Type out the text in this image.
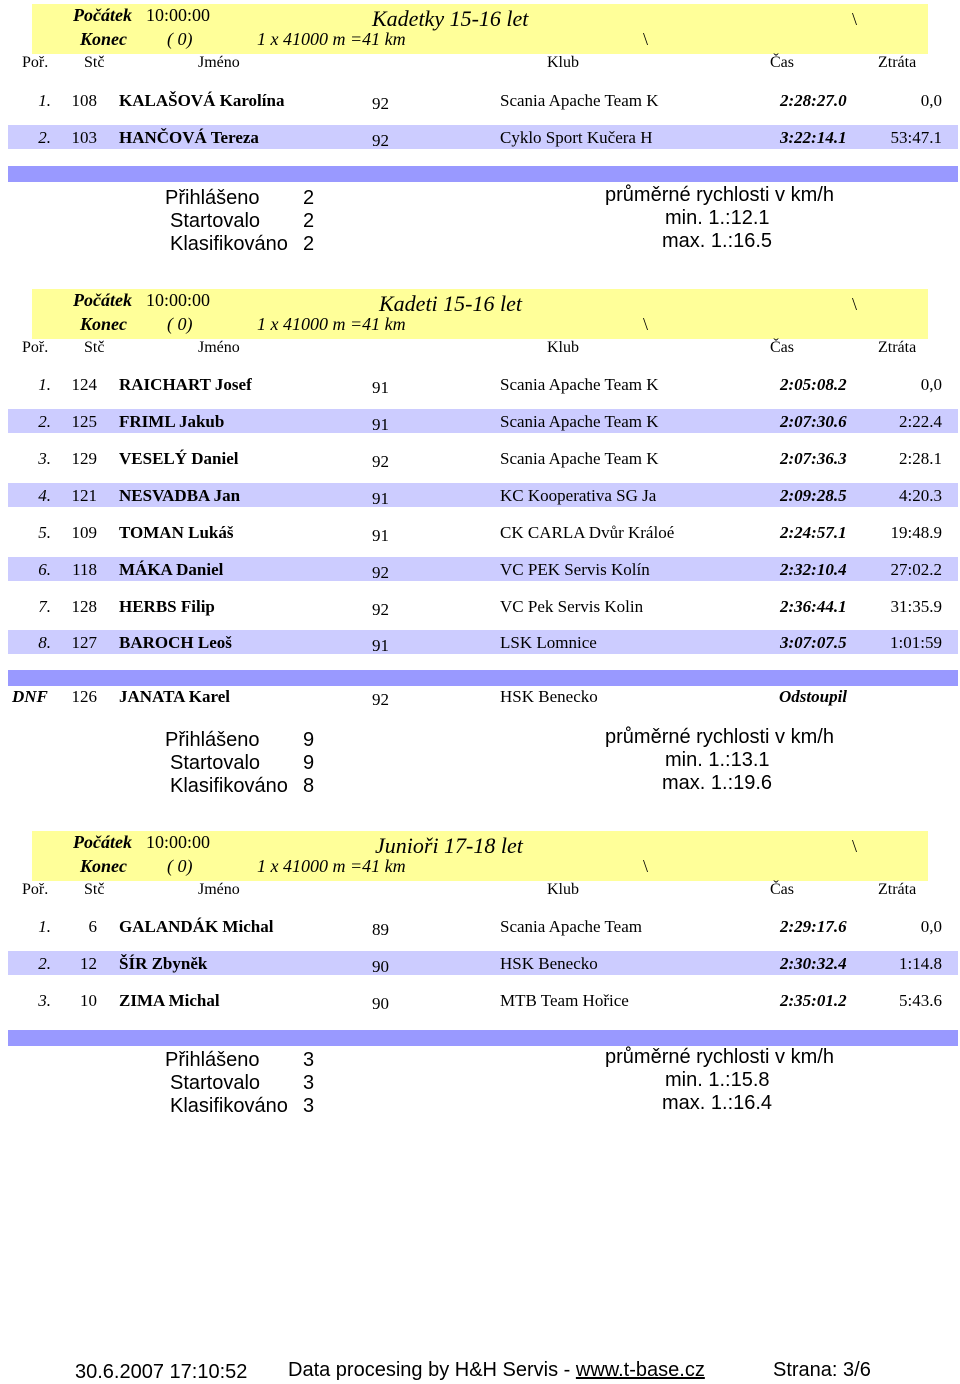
Počátek 10:00:00	Kadetky 15-16 let	\
Konec ( 0)	1 x 41000 m =41 km	\
Poř. Stč	Jméno	Klub	Čas	Ztráta
1.	108 KALAŠOVÁ Karolína	92	Scania Apache Team K	2:28:27.0	0,0
2.	103 HANČOVÁ Tereza	92	Cyklo Sport Kučera H	3:22:14.1	53:47.1
Přihlášeno 2
Startovalo 2
Klasifikováno 2
průměrné rychlosti v km/h
min. 1.:12.1
max. 1.:16.5
Počátek 10:00:00	Kadeti 15-16 let	\
Konec ( 0)	1 x 41000 m =41 km	\
Poř. Stč	Jméno	Klub	Čas	Ztráta
1.	124 RAICHART Josef	91	Scania Apache Team K	2:05:08.2	0,0
2.	125 FRIML Jakub	91	Scania Apache Team K	2:07:30.6	2:22.4
3.	129 VESELÝ Daniel	92	Scania Apache Team K	2:07:36.3	2:28.1
4.	121 NESVADBA Jan	91	KC Kooperativa SG Ja	2:09:28.5	4:20.3
5.	109 TOMAN Lukáš	91	CK CARLA Dvůr Králoé	2:24:57.1	19:48.9
6.	118 MÁKA Daniel	92	VC PEK Servis Kolín	2:32:10.4	27:02.2
7.	128 HERBS Filip	92	VC Pek Servis Kolin	2:36:44.1	31:35.9
8.	127 BAROCH Leoš	91	LSK Lomnice	3:07:07.5	1:01:59
DNF	126 JANATA Karel	92	HSK Benecko	Odstoupil
Přihlášeno 9
Startovalo 9
Klasifikováno 8
průměrné rychlosti v km/h
min. 1.:13.1
max. 1.:19.6
Počátek 10:00:00	Junioři 17-18 let	\
Konec ( 0)	1 x 41000 m =41 km	\
Poř. Stč	Jméno	Klub	Čas	Ztráta
1.	6 GALANDÁK Michal	89	Scania Apache Team	2:29:17.6	0,0
2.	12 ŠÍR Zbyněk	90	HSK Benecko	2:30:32.4	1:14.8
3.	10 ZIMA Michal	90	MTB Team Hořice	2:35:01.2	5:43.6
Přihlášeno 3
Startovalo 3
Klasifikováno 3
průměrné rychlosti v km/h
min. 1.:15.8
max. 1.:16.4
30.6.2007 17:10:52 Data procesing by H&H Servis - www.t-base.cz	Strana: 3/6
